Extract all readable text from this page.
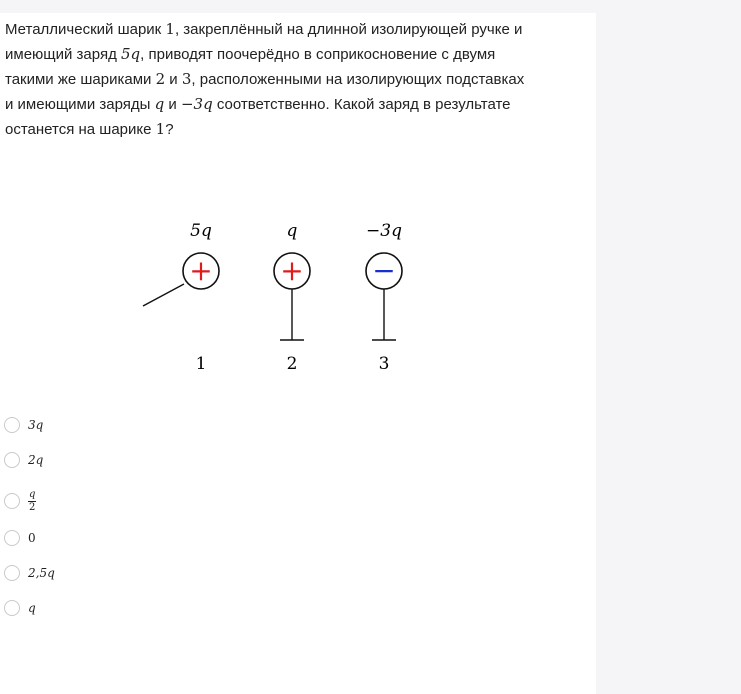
Металлический шарик 1, закреплённый на длинной изолирующей ручке и
имеющий заряд 5q, приводят поочерёдно в соприкосновение с двумя
такими же шариками 2 и 3, расположенными на изолирующих подставках
и имеющими заряды q и −3q соответственно. Какой заряд в результате
останется на шарике 1?
5q
+
1
q
+
2
−3q
−
3
3q
2q
$\frac{q}{2}$
0
2,5q
q
